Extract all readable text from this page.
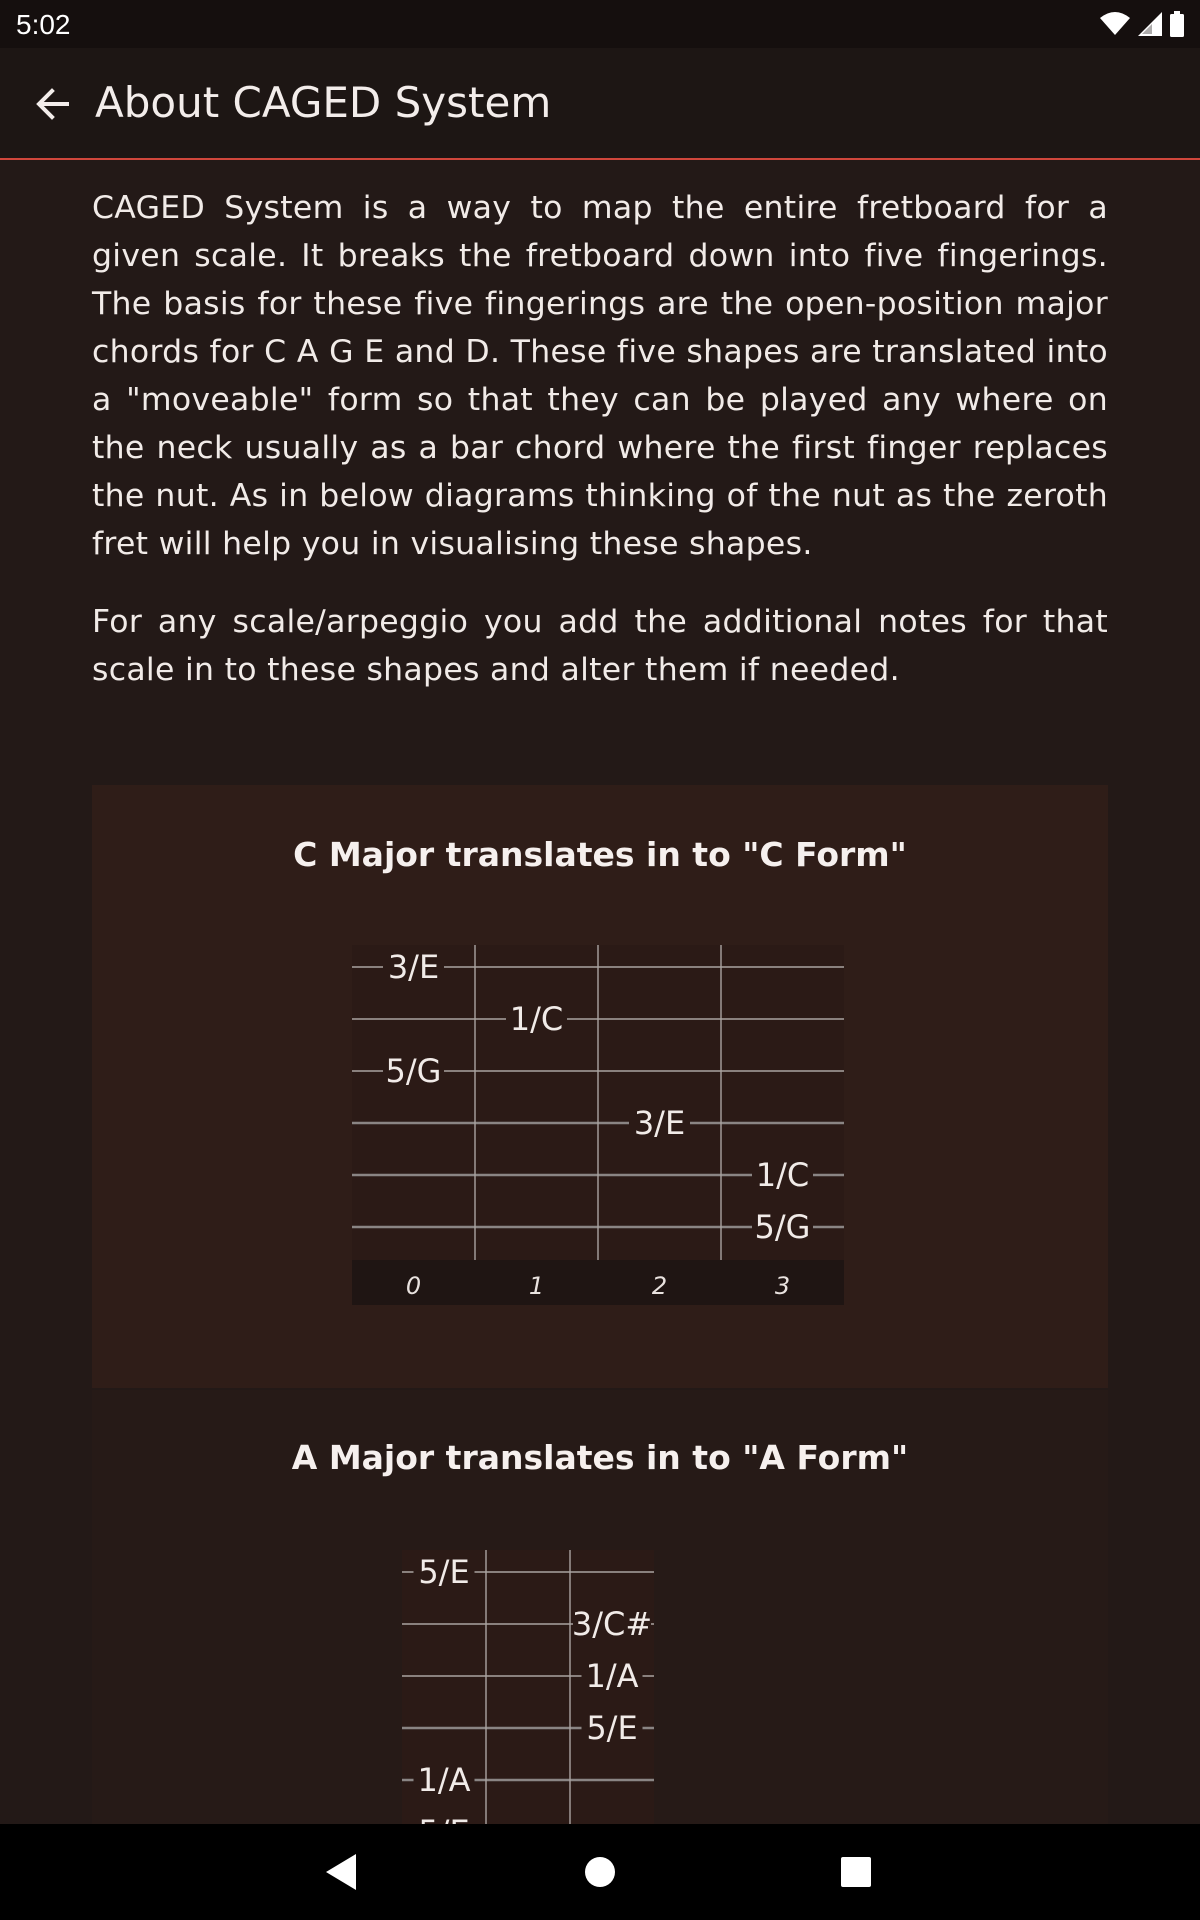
5:02
About CAGED System

CAGED System is a way to map the entire fretboard for a given scale. It breaks the fretboard down into five fingerings. The basis for these five fingerings are the open-position major chords for C A G E and D. These five shapes are translated into a "moveable" form so that they can be played any where on the neck usually as a bar chord where the first finger replaces the nut. As in below diagrams thinking of the nut as the zeroth fret will help you in visualising these shapes.

For any scale/arpeggio you add the additional notes for that scale in to these shapes and alter them if needed.

C Major translates in to "C Form"
3/E
1/C
5/G
3/E
1/C
5/G
0	1	2	3
A Major translates in to "A Form"
5/E
3/C#
1/A
5/E
1/A
